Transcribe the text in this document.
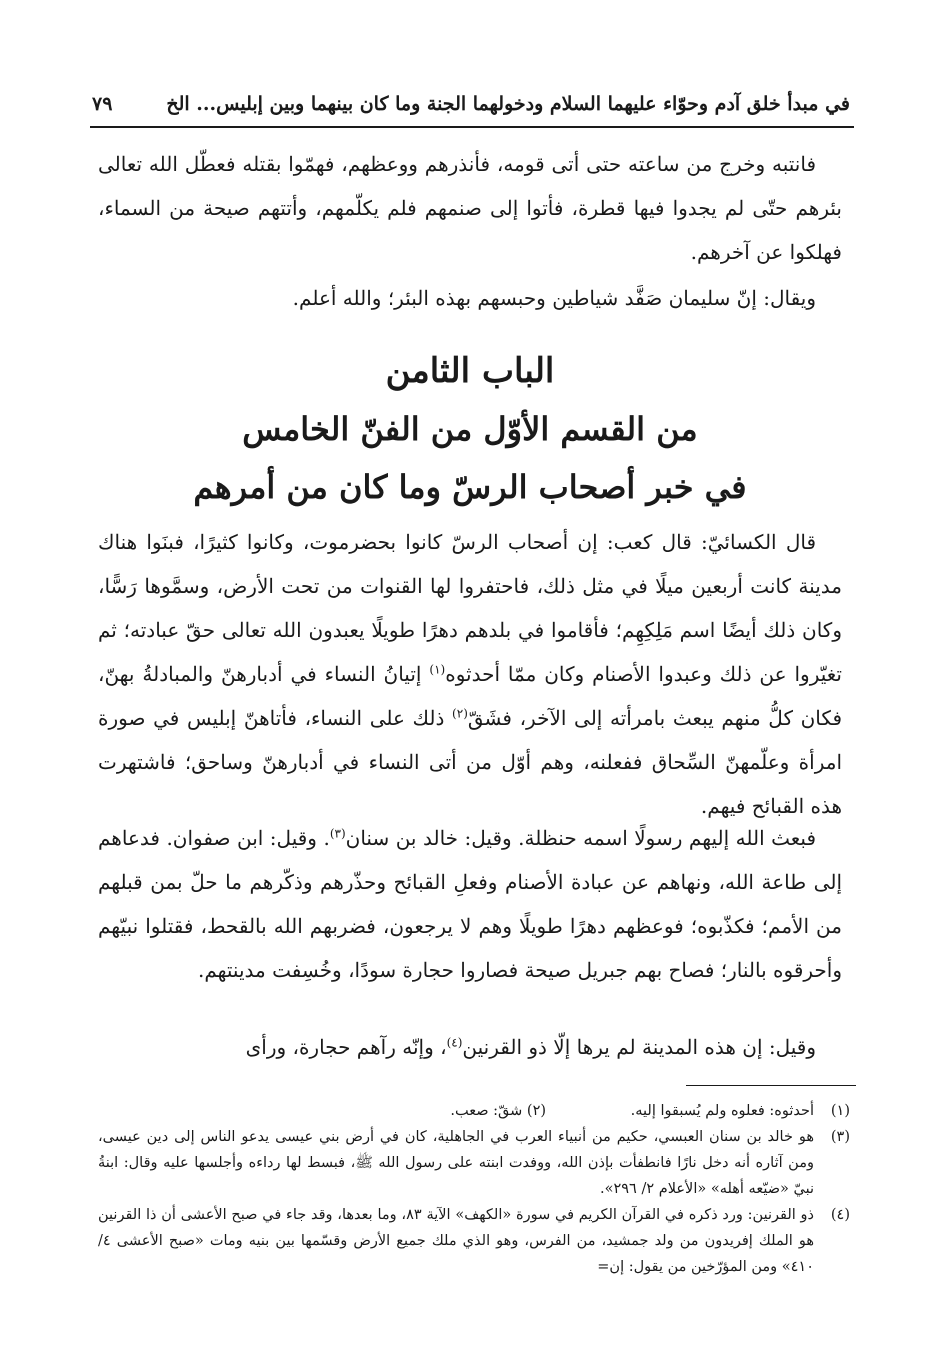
في مبدأ خلق آدم وحوّاء عليهما السلام ودخولهما الجنة وما كان بينهما وبين إبليس... الخ
٧٩

فانتبه وخرج من ساعته حتى أتى قومه، فأنذرهم ووعظهم، فهمّوا بقتله فعطّل الله تعالى بئرهم حتّى لم يجدوا فيها قطرة، فأتوا إلى صنمهم فلم يكلّمهم، وأتتهم صيحة من السماء، فهلكوا عن آخرهم.

ويقال: إنّ سليمان صَفَّد شياطين وحبسهم بهذه البئر؛ والله أعلم.

الباب الثامن

من القسم الأوّل من الفنّ الخامس

في خبر أصحاب الرسّ وما كان من أمرهم

قال الكسائيّ: قال كعب: إن أصحاب الرسّ كانوا بحضرموت، وكانوا كثيرًا، فبنَوا هناك مدينة كانت أربعين ميلًا في مثل ذلك، فاحتفروا لها القنوات من تحت الأرض، وسمَّوها رَسًّا، وكان ذلك أيضًا اسم مَلِكِهِم؛ فأقاموا في بلدهم دهرًا طويلًا يعبدون الله تعالى حقّ عبادته؛ ثم تغيّروا عن ذلك وعبدوا الأصنام وكان ممّا أحدثوه$^{(١)}$ إتيانُ النساء في أدبارهنّ والمبادلةُ بهنّ، فكان كلُّ منهم يبعث بامرأته إلى الآخر، فشَقّ$^{(٢)}$ ذلك على النساء، فأتاهنّ إبليس في صورة امرأة وعلّمهنّ السِّحاق ففعلنه، وهم أوّل من أتى النساء في أدبارهنّ وساحق؛ فاشتهرت هذه القبائح فيهم.

فبعث الله إليهم رسولًا اسمه حنظلة. وقيل: خالد بن سنان$^{(٣)}$. وقيل: ابن صفوان. فدعاهم إلى طاعة الله، ونهاهم عن عبادة الأصنام وفعلِ القبائح وحذّرهم وذكّرهم ما حلّ بمن قبلهم من الأمم؛ فكذّبوه؛ فوعظهم دهرًا طويلًا وهم لا يرجعون، فضربهم الله بالقحط، فقتلوا نبيّهم وأحرقوه بالنار؛ فصاح بهم جبريل صيحة فصاروا حجارة سودًا، وخُسِفت مدينتهم.

وقيل: إن هذه المدينة لم يرها إلّا ذو القرنين$^{(٤)}$، وإنّه رآهم حجارة، ورأى

(١)
أحدثوه: فعلوه ولم يُسبقوا إليه. (٢) شقّ: صعب.
(٣)
هو خالد بن سنان العبسي، حكيم من أنبياء العرب في الجاهلية، كان في أرض بني عيسى يدعو الناس إلى دين عيسى، ومن آثاره أنه دخل نارًا فانطفأت بإذن الله، ووفدت ابنته على رسول الله ﷺ، فبسط لها رداءه وأجلسها عليه وقال: ابنةُ نبيّ «ضيّعه أهله» «الأعلام ٢/ ٢٩٦».
(٤)
ذو القرنين: ورد ذكره في القرآن الكريم في سورة «الكهف» الآية ٨٣، وما بعدها، وقد جاء في صبح الأعشى أن ذا القرنين هو الملك إفريدون من ولد جمشيد، من الفرس، وهو الذي ملك جميع الأرض وقسّمها بين بنيه ومات «صبح الأعشى ٤/ ٤١٠» ومن المؤرّخين من يقول: إن=
